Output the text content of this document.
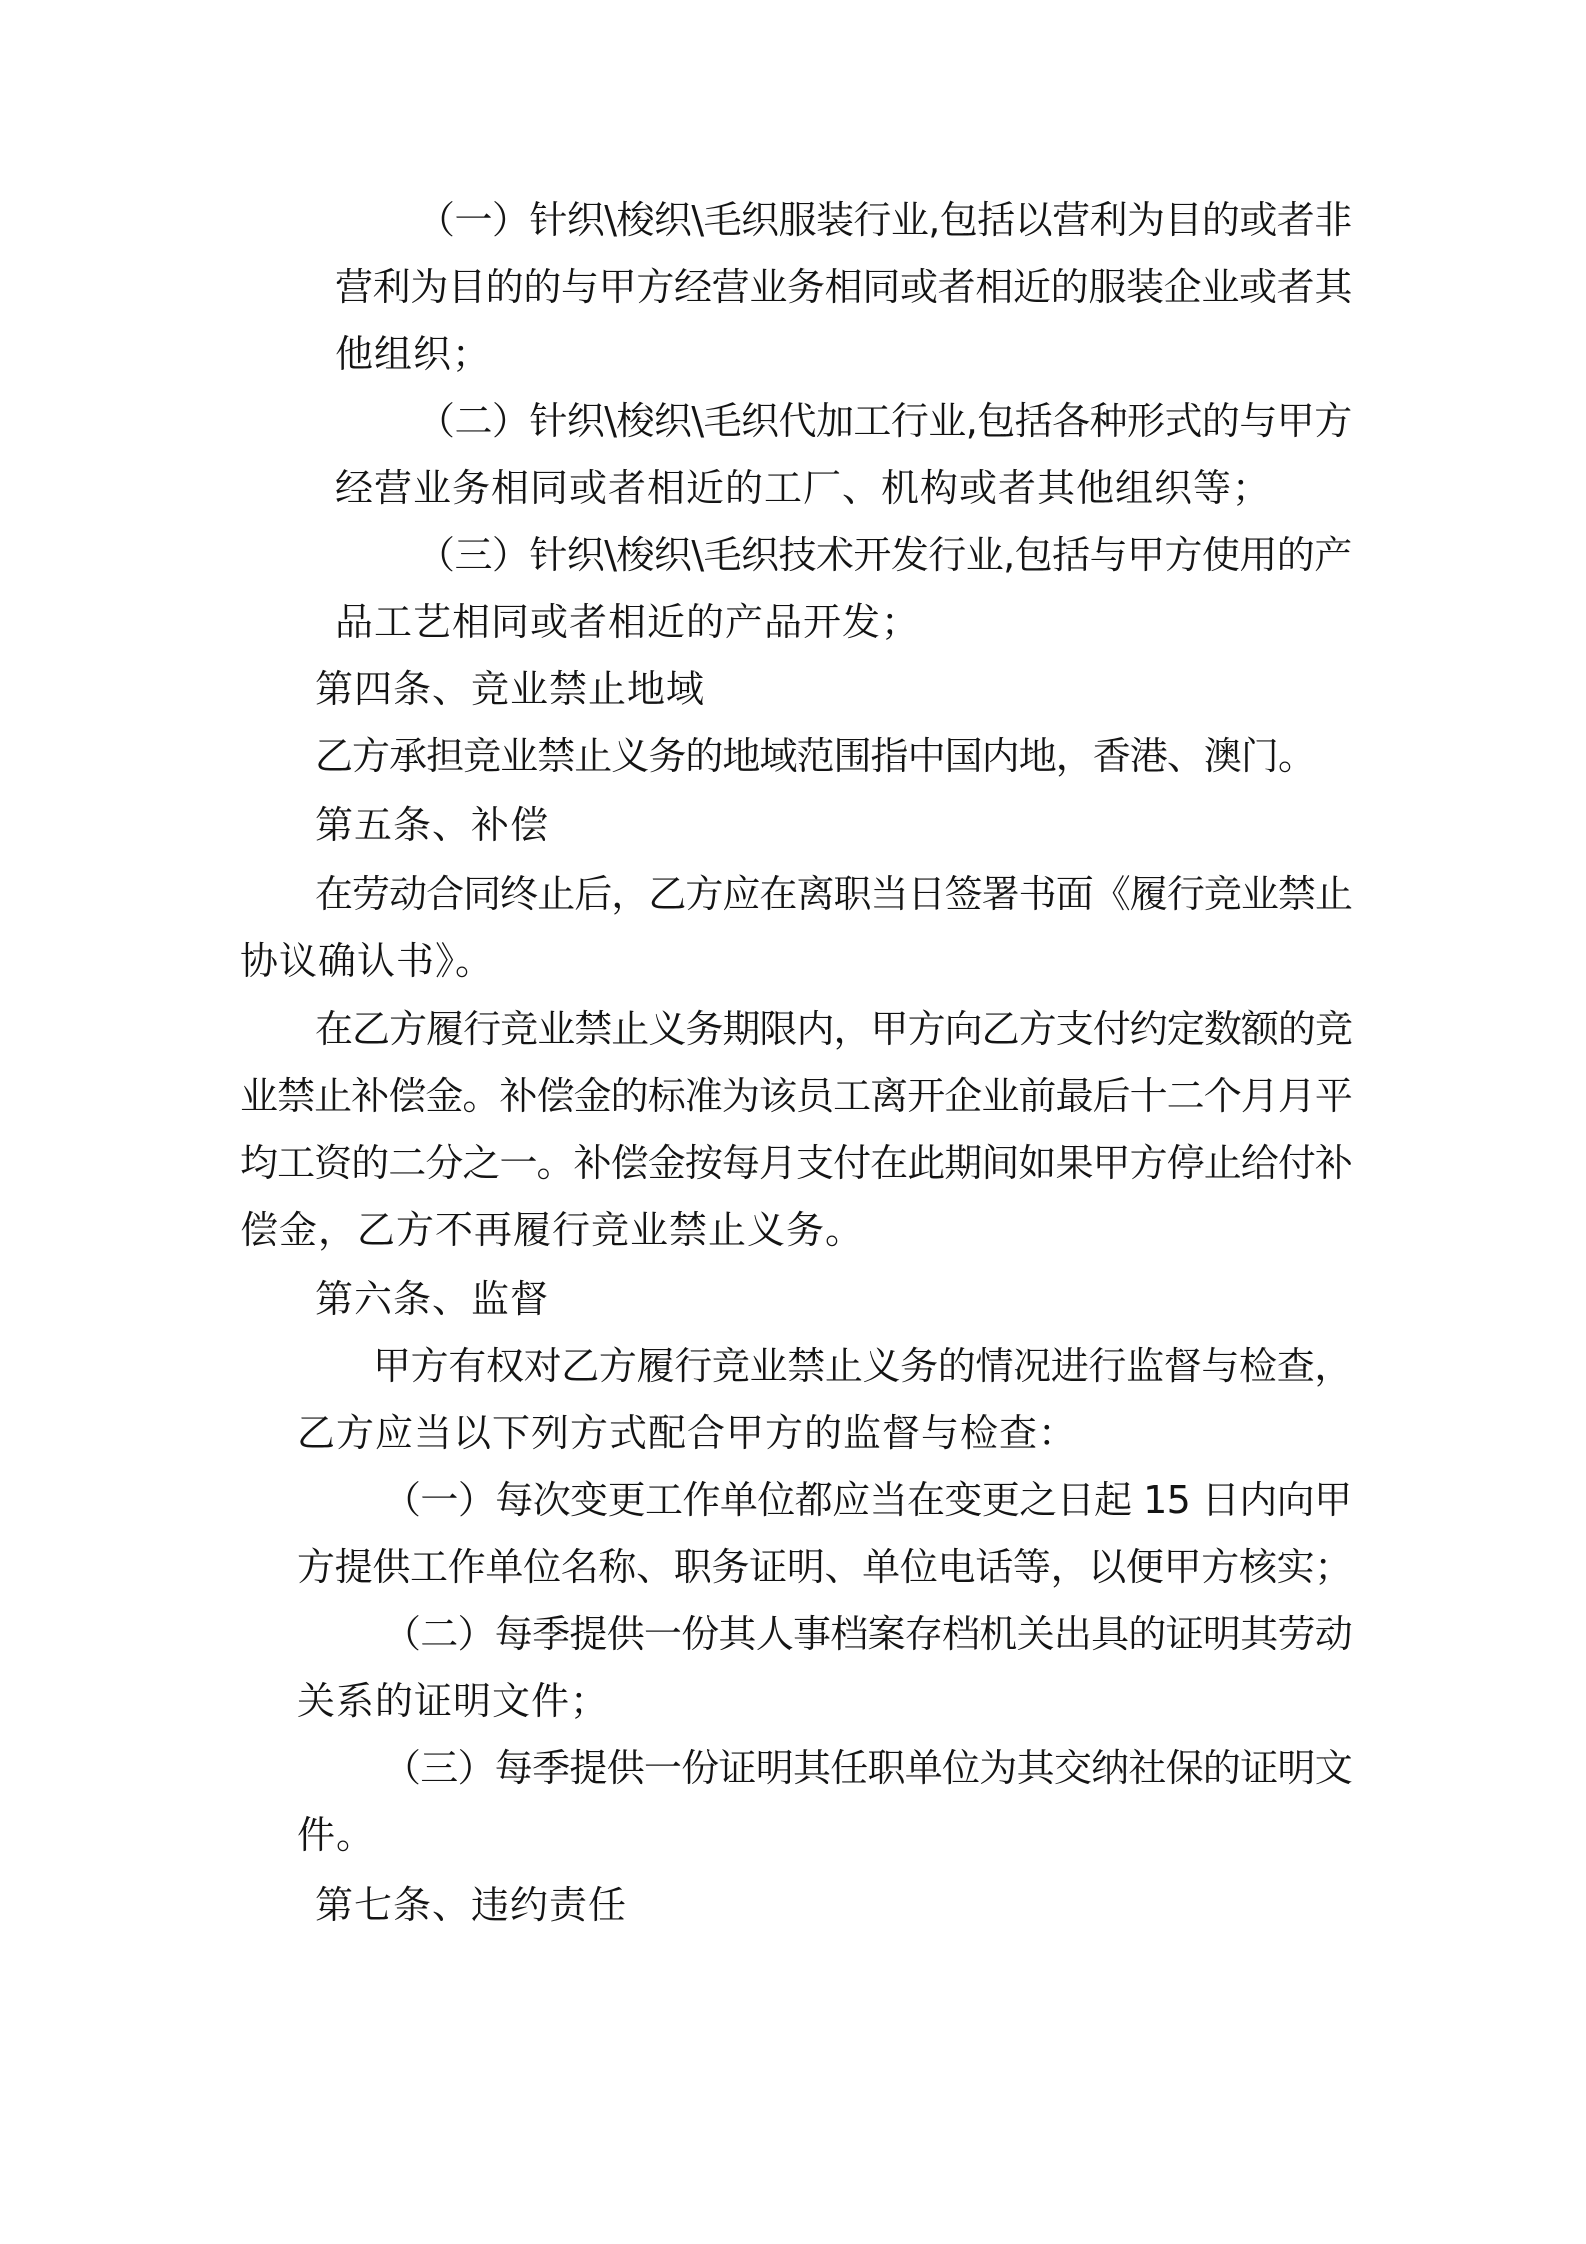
（一）针织\梭织\毛织服装行业,包括以营利为目的或者非

营利为目的的与甲方经营业务相同或者相近的服装企业或者其

他组织；

（二）针织\梭织\毛织代加工行业,包括各种形式的与甲方

经营业务相同或者相近的工厂、机构或者其他组织等；

（三）针织\梭织\毛织技术开发行业,包括与甲方使用的产

品工艺相同或者相近的产品开发；

第四条、竞业禁止地域

乙方承担竞业禁止义务的地域范围指中国内地，香港、澳门。

第五条、补偿

在劳动合同终止后，乙方应在离职当日签署书面《履行竞业禁止

协议确认书》。

在乙方履行竞业禁止义务期限内，甲方向乙方支付约定数额的竞

业禁止补偿金。补偿金的标准为该员工离开企业前最后十二个月月平

均工资的二分之一。补偿金按每月支付在此期间如果甲方停止给付补

偿金，乙方不再履行竞业禁止义务。

第六条、监督

甲方有权对乙方履行竞业禁止义务的情况进行监督与检查，

乙方应当以下列方式配合甲方的监督与检查：

（一）每次变更工作单位都应当在变更之日起 15 日内向甲

方提供工作单位名称、职务证明、单位电话等，以便甲方核实；

（二）每季提供一份其人事档案存档机关出具的证明其劳动

关系的证明文件；

（三）每季提供一份证明其任职单位为其交纳社保的证明文

件。

第七条、违约责任
